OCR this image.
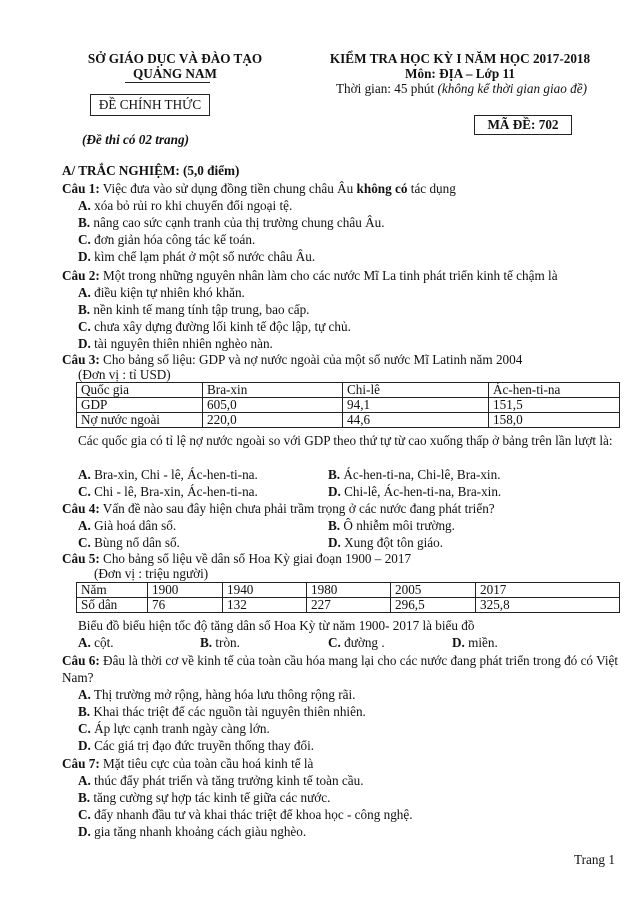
SỞ GIÁO DỤC VÀ ĐÀO TẠO
QUẢNG NAM
ĐỀ CHÍNH THỨC
(Đề thi có 02 trang)
KIỂM TRA HỌC KỲ I NĂM HỌC 2017-2018
Môn: ĐỊA – Lớp 11
Thời gian: 45 phút (không kể thời gian giao đề)
MÃ ĐỀ: 702
A/ TRẮC NGHIỆM: (5,0 điểm)
Câu 1: Việc đưa vào sử dụng đồng tiền chung châu Âu không có tác dụng
A. xóa bỏ rủi ro khi chuyển đổi ngoại tệ.
B. nâng cao sức cạnh tranh của thị trường chung châu Âu.
C. đơn giản hóa công tác kế toán.
D. kìm chế lạm phát ở một số nước châu Âu.
Câu 2: Một trong những nguyên nhân làm cho các nước Mĩ La tinh phát triển kinh tế chậm là
A. điều kiện tự nhiên khó khăn.
B. nền kinh tế mang tính tập trung, bao cấp.
C. chưa xây dựng đường lối kinh tế độc lập, tự chủ.
D. tài nguyên thiên nhiên nghèo nàn.
Câu 3: Cho bảng số liệu: GDP và nợ nước ngoài của một số nước Mĩ Latinh năm 2004
(Đơn vị : tỉ USD)
Quốc gia	Bra-xin	Chi-lê	Ác-hen-ti-na
GDP	605,0	94,1	151,5
Nợ nước ngoài	220,0	44,6	158,0
Các quốc gia có tỉ lệ nợ nước ngoài so với GDP theo thứ tự từ cao xuống thấp ở bảng trên lần lượt là:
A. Bra-xin, Chi - lê, Ác-hen-ti-na.	B. Ác-hen-ti-na, Chi-lê, Bra-xin.
C. Chi - lê, Bra-xin, Ác-hen-ti-na.	D. Chi-lê, Ác-hen-ti-na, Bra-xin.
Câu 4: Vấn đề nào sau đây hiện chưa phải trầm trọng ở các nước đang phát triển?
A. Già hoá dân số.	B. Ô nhiễm môi trường.
C. Bùng nổ dân số.	D. Xung đột tôn giáo.
Câu 5: Cho bảng số liệu về dân số Hoa Kỳ giai đoạn 1900 – 2017
(Đơn vị : triệu người)
Năm	1900	1940	1980	2005	2017
Số dân	76	132	227	296,5	325,8
Biểu đồ biểu hiện tốc độ tăng dân số Hoa Kỳ từ năm 1900- 2017 là biểu đồ
A. cột.	B. tròn.	C. đường .	D. miền.
Câu 6: Đâu là thời cơ về kinh tế của toàn cầu hóa mang lại cho các nước đang phát triển trong đó có Việt Nam?
A. Thị trường mở rộng, hàng hóa lưu thông rộng rãi.
B. Khai thác triệt để các nguồn tài nguyên thiên nhiên.
C. Áp lực cạnh tranh ngày càng lớn.
D. Các giá trị đạo đức truyền thống thay đổi.
Câu 7: Mặt tiêu cực của toàn cầu hoá kinh tế là
A. thúc đẩy phát triển và tăng trưởng kinh tế toàn cầu.
B. tăng cường sự hợp tác kinh tế giữa các nước.
C. đẩy nhanh đầu tư và khai thác triệt để khoa học - công nghệ.
D. gia tăng nhanh khoảng cách giàu nghèo.
Trang 1
